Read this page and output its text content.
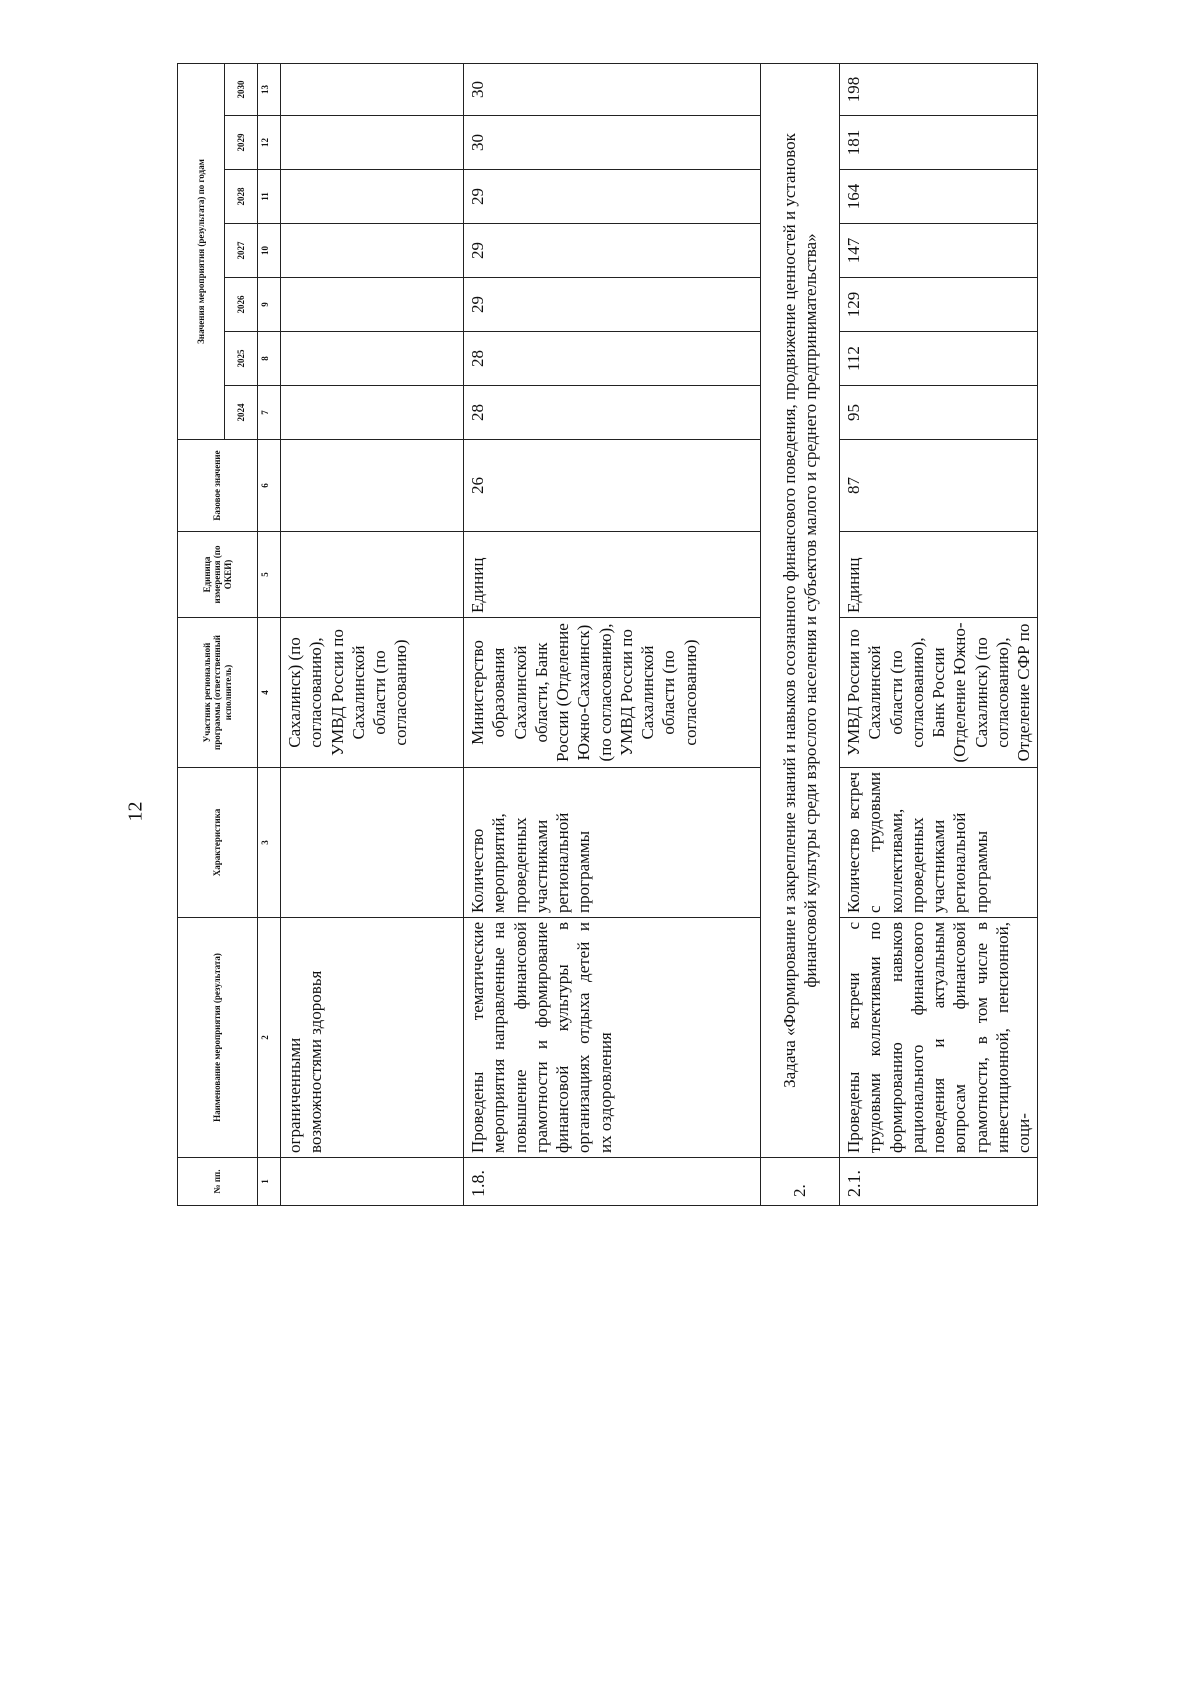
12
№ пп.	Наименование мероприятия (результата)	Характеристика	Участник региональной программы (ответственный исполнитель)	Единица измерения (по ОКЕИ)	Базовое значение	Значения мероприятия (результата) по годам						
						2024	2025	2026	2027	2028	2029	2030
1	2	3	4	5	6	7	8	9	10	11	12	13
	ограниченными возможностями здоровья		Сахалинск) (по согласованию), УМВД России по Сахалинской области (по согласованию)									
1.8.	Проведены тематические мероприятия направленные на повышение финансовой грамотности и формирование финансовой культуры в организациях отдыха детей и их оздоровления	Количество мероприятий, проведенных участниками региональной программы	Министерство образования Сахалинской области, Банк России (Отделение Южно-Сахалинск) (по согласованию), УМВД России по Сахалинской области (по согласованию)	Единиц	26	28	28	29	29	29	30	30
2.	Задача «Формирование и закрепление знаний и навыков осознанного финансового поведения, продвижение ценностей и установок финансовой культуры среди взрослого населения и субъектов малого и среднего предпринимательства»											
2.1.	Проведены встречи с трудовыми коллективами по формированию навыков рационального финансового поведения и актуальным вопросам финансовой грамотности, в том числе в инвестиционной, пенсионной, соци-	Количество встреч с трудовыми коллективами, проведенных участниками региональной программы	УМВД России по Сахалинской области (по согласованию), Банк России (Отделение Южно-Сахалинск) (по согласованию), Отделение СФР по	Единиц	87	95	112	129	147	164	181	198
